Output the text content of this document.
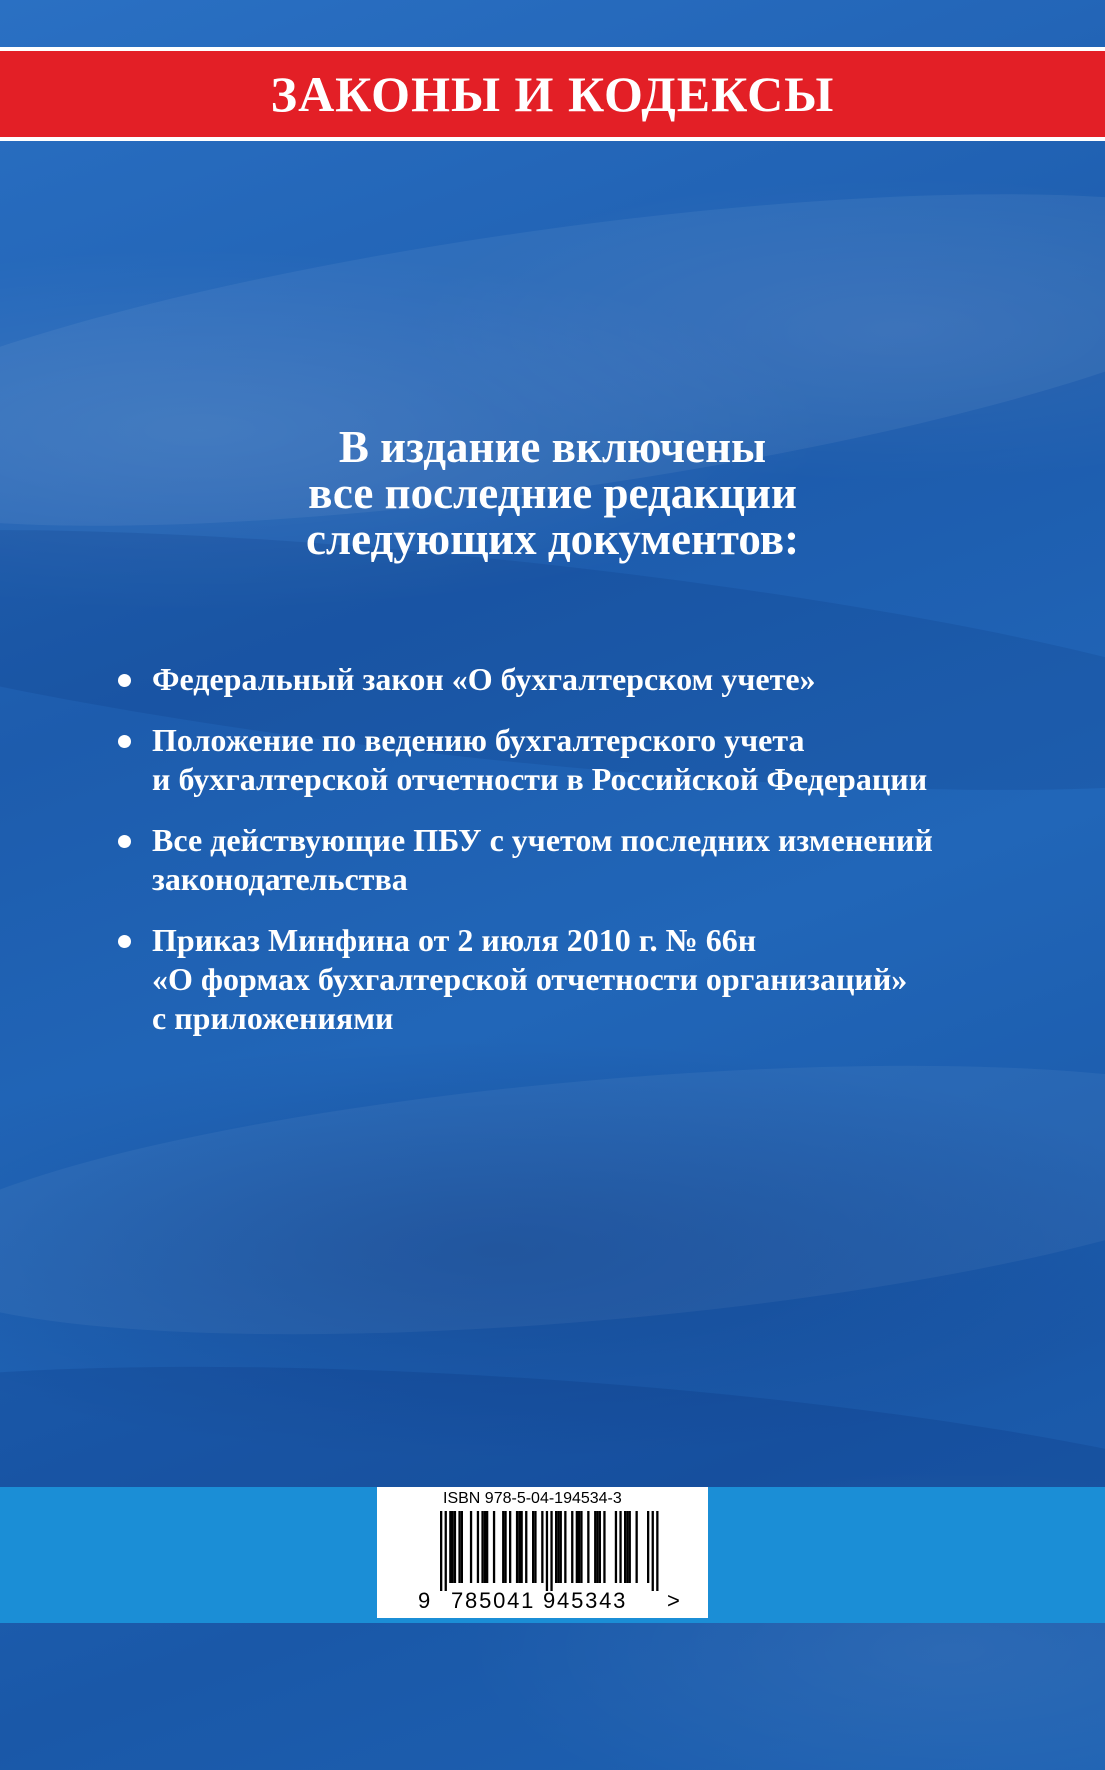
ЗАКОНЫ И КОДЕКСЫ
В издание включены
все последние редакции
следующих документов:
Федеральный закон «О бухгалтерском учете»
Положение по ведению бухгалтерского учета
и бухгалтерской отчетности в Российской Федерации
Все действующие ПБУ с учетом последних изменений
законодательства
Приказ Минфина от 2 июля 2010 г. № 66н
«О формах бухгалтерской отчетности организаций»
с приложениями
ISBN 978-5-04-194534-3
9 785041 945343 >
